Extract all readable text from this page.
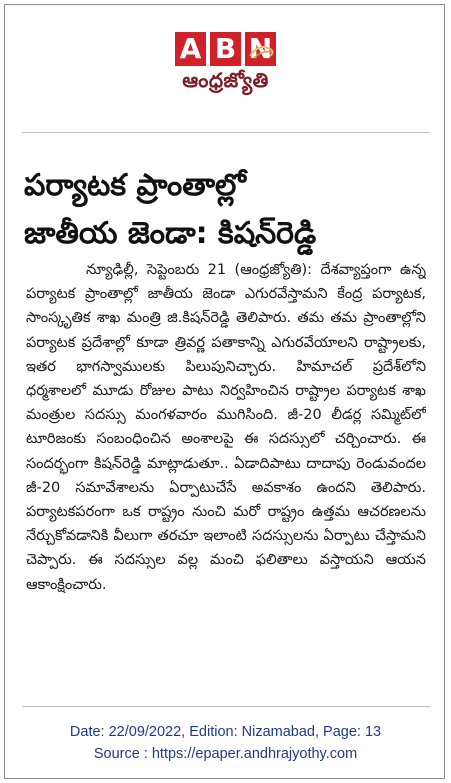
A B N
ఆంధ్రజ్యోతి
పర్యాటక ప్రాంతాల్లో
జాతీయ జెండా: కిషన్‌రెడ్డి
న్యూఢిల్లీ, సెప్టెంబరు 21 (ఆంధ్రజ్యోతి): దేశవ్యాప్తంగా ఉన్న పర్యాటక ప్రాంతాల్లో జాతీయ జెండా ఎగురవేస్తామని కేంద్ర పర్యాటక, సాంస్కృతిక శాఖ మంత్రి జి.కిషన్‌రెడ్డి తెలిపారు. తమ తమ ప్రాంతాల్లోని పర్యాటక ప్రదేశాల్లో కూడా త్రివర్ణ పతాకాన్ని ఎగురవేయాలని రాష్ట్రాలకు, ఇతర భాగస్వాములకు పిలుపునిచ్చారు. హిమాచల్ ప్రదేశ్‌లోని ధర్మశాలలో మూడు రోజుల పాటు నిర్వహించిన రాష్ట్రాల పర్యాటక శాఖ మంత్రుల సదస్సు మంగళవారం ముగిసింది. జీ-20 లీడర్ల సమ్మిట్‌లో టూరిజంకు సంబంధించిన అంశాలపై ఈ సదస్సులో చర్చించారు. ఈ సందర్భంగా కిషన్‌రెడ్డి మాట్లాడుతూ.. ఏడాదిపాటు దాదాపు రెండువందల జీ-20 సమావేశాలను ఏర్పాటుచేసే అవకాశం ఉందని తెలిపారు. పర్యాటకపరంగా ఒక రాష్ట్రం నుంచి మరో రాష్ట్రం ఉత్తమ ఆచరణలను నేర్చుకోవడానికి వీలుగా తరచూ ఇలాంటి సదస్సులను ఏర్పాటు చేస్తామని చెప్పారు. ఈ సదస్సుల వల్ల మంచి ఫలితాలు వస్తాయని ఆయన ఆకాంక్షించారు.
Date: 22/09/2022, Edition: Nizamabad, Page: 13
Source : https://epaper.andhrajyothy.com
